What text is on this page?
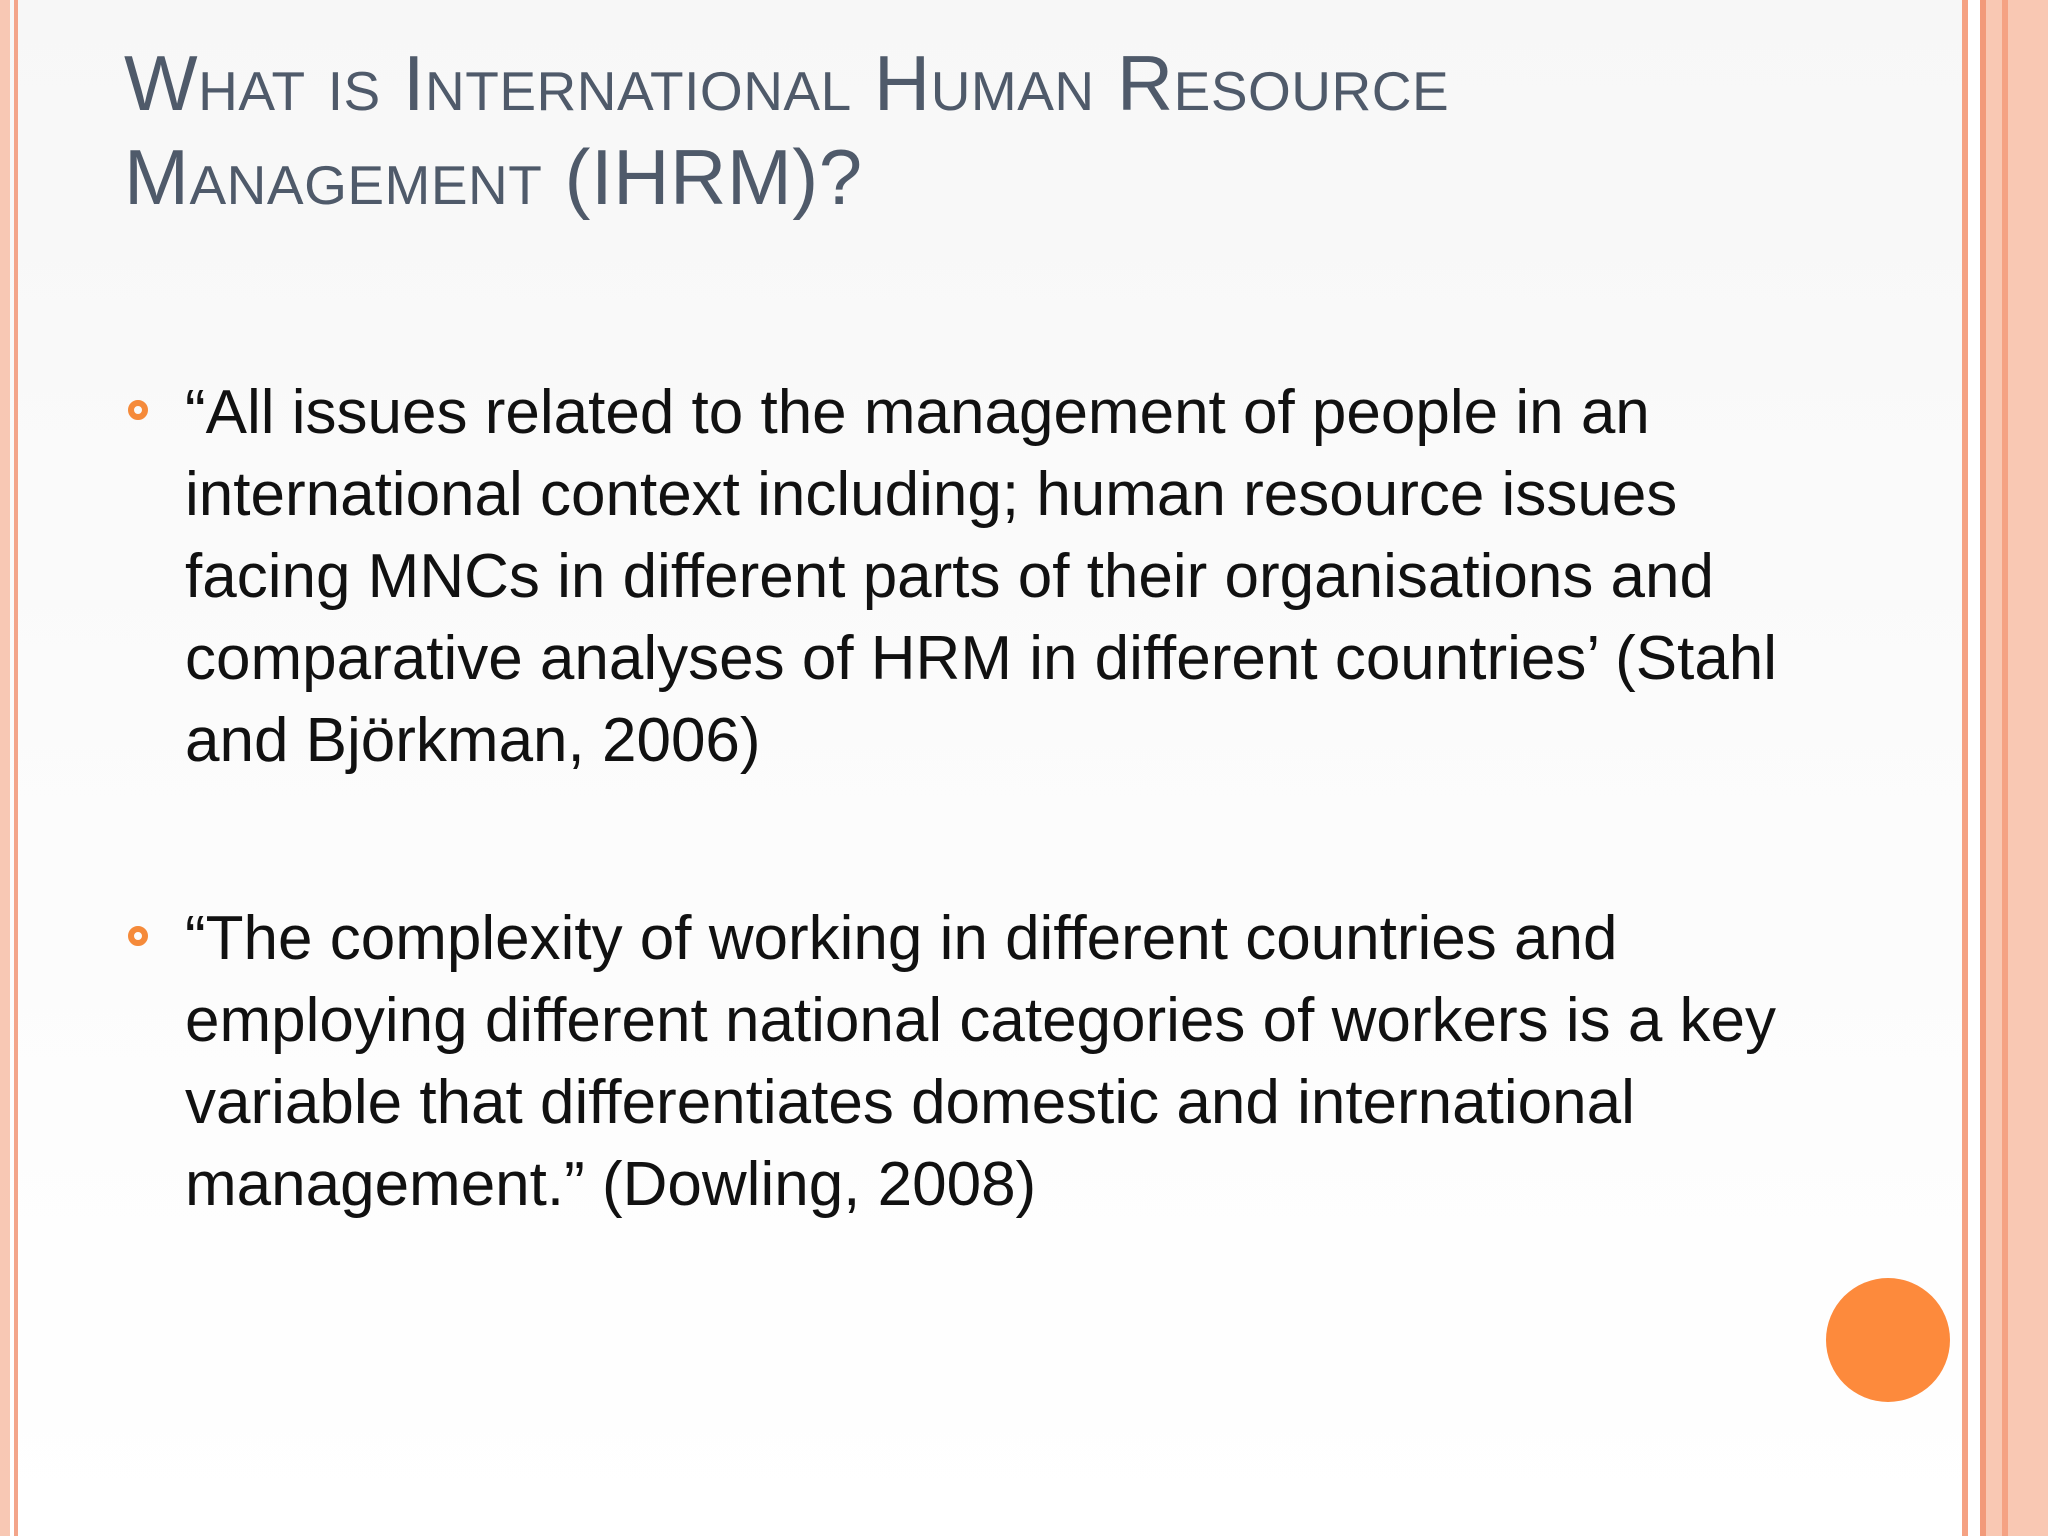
What is International Human Resource Management (IHRM)?
“All issues related to the management of people in an international context including; human resource issues facing MNCs in different parts of their organisations and comparative analyses of HRM in different countries’ (Stahl and Björkman, 2006)
“The complexity of working in different countries and employing different national categories of workers is a key variable that differentiates domestic and international management.” (Dowling, 2008)
